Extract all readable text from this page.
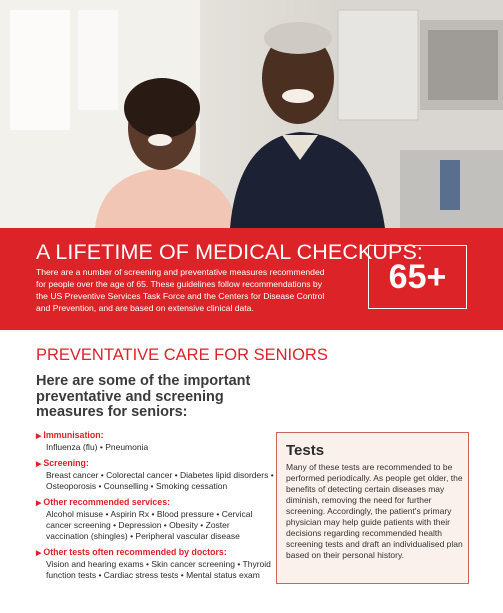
A LIFETIME OF MEDICAL CHECKUPS:

There are a number of screening and preventative measures recommended for people over the age of 65. These guidelines follow recommendations by the US Preventive Services Task Force and the Centers for Disease Control and Prevention, and are based on extensive clinical data.

65+
PREVENTATIVE CARE FOR SENIORS

Here are some of the important preventative and screening measures for seniors:

▶ Immunisation:
Influenza (flu) • Pneumonia
▶ Screening:
Breast cancer • Colorectal cancer • Diabetes lipid disorders • Osteoporosis • Counselling • Smoking cessation
▶ Other recommended services:
Alcohol misuse • Aspirin Rx • Blood pressure • Cervical cancer screening • Depression • Obesity • Zoster vaccination (shingles) • Peripheral vascular disease
▶ Other tests often recommended by doctors:
Vision and hearing exams • Skin cancer screening • Thyroid function tests • Cardiac stress tests • Mental status exam
Tests

Many of these tests are recommended to be performed periodically. As people get older, the benefits of detecting certain diseases may diminish, removing the need for further screening. Accordingly, the patient's primary physician may help guide patients with their decisions regarding recommended health screening tests and draft an individualised plan based on their personal history.
